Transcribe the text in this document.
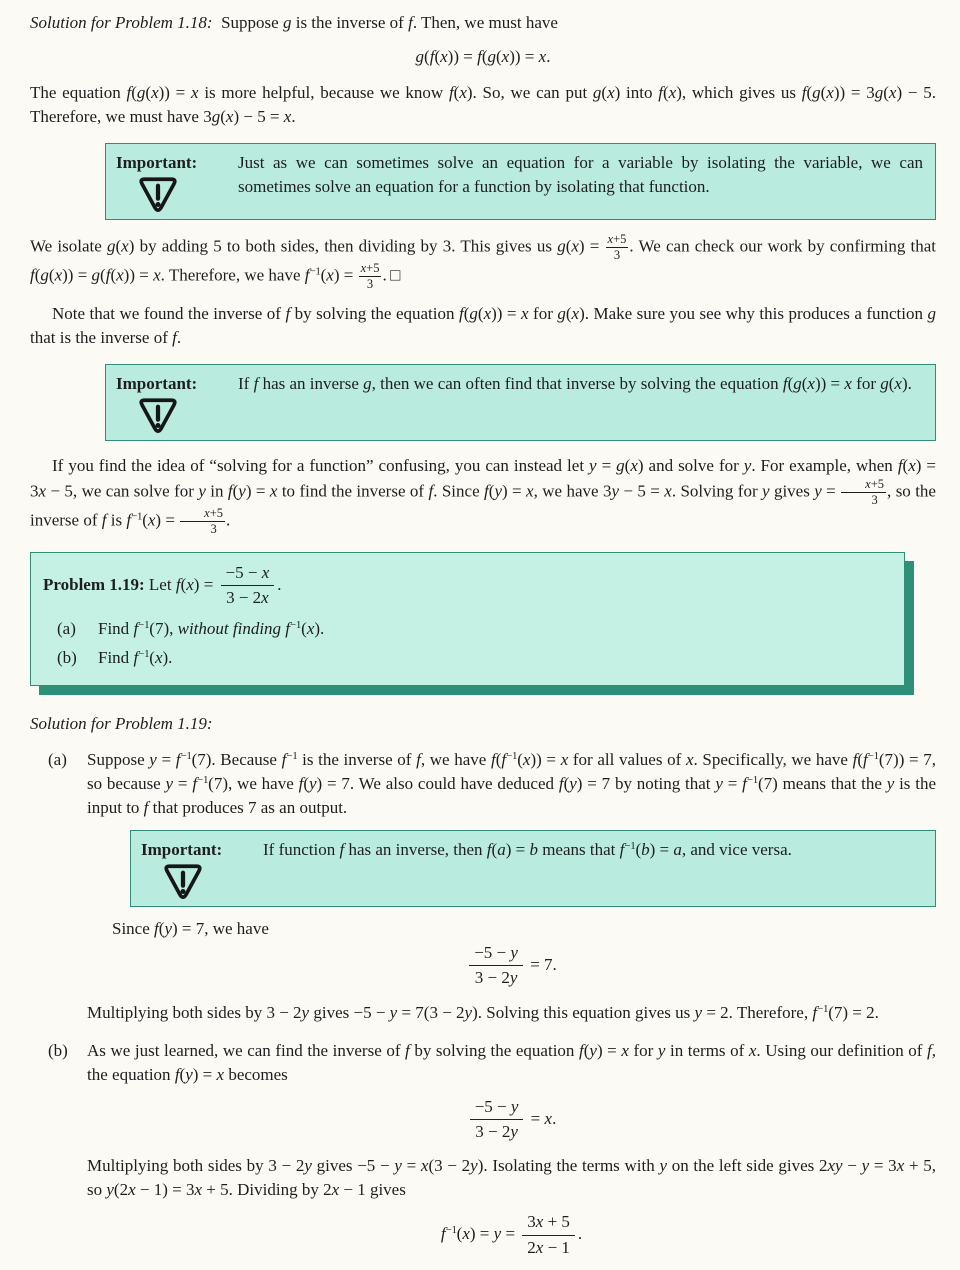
Solution for Problem 1.18:  Suppose g is the inverse of f. Then, we must have

g(f(x)) = f(g(x)) = x.

The equation f(g(x)) = x is more helpful, because we know f(x). So, we can put g(x) into f(x), which gives us f(g(x)) = 3g(x) − 5. Therefore, we must have 3g(x) − 5 = x.

Important:	Just as we can sometimes solve an equation for a variable by isolating the variable, we can sometimes solve an equation for a function by isolating that function.

We isolate g(x) by adding 5 to both sides, then dividing by 3. This gives us $g(x) = \frac{x+5}{3}$ . We can check our work by confirming that f(g(x)) = g(f(x)) = x. Therefore, we have $f^{-1}(x) = \frac{x+5}{3}$ . □

Note that we found the inverse of f by solving the equation f(g(x)) = x for g(x). Make sure you see why this produces a function g that is the inverse of f.

Important:	If f has an inverse g, then we can often find that inverse by solving the equation f(g(x)) = x for g(x).

If you find the idea of “solving for a function” confusing, you can instead let y = g(x) and solve for y. For example, when f(x) = 3x − 5, we can solve for y in f(y) = x to find the inverse of f. Since f(y) = x, we have 3y − 5 = x. Solving for y gives $y = \frac{x+5}{3}$ , so the inverse of f is $f^{-1}(x) = \frac{x+5}{3}$ .

Problem 1.19: Let $f(x) = \frac{-5 - x}{3 - 2x}$ .
(a)	Find $f^{-1}(7)$, without finding $f^{-1}(x)$.
(b)	Find $f^{-1}(x)$.

Solution for Problem 1.19:

(a)	Suppose $y = f^{-1}(7)$. Because $f^{-1}$ is the inverse of f, we have $f(f^{-1}(x)) = x$ for all values of x. Specifically, we have $f(f^{-1}(7)) = 7$, so because $y = f^{-1}(7)$, we have f(y) = 7. We also could have deduced f(y) = 7 by noting that $y = f^{-1}(7)$ means that the y is the input to f that produces 7 as an output.

Important:	If function f has an inverse, then f(a) = b means that $f^{-1}(b) = a$, and vice versa.

Since f(y) = 7, we have

$\frac{-5 - y}{3 - 2y} = 7$.

Multiplying both sides by 3 − 2y gives −5 − y = 7(3 − 2y). Solving this equation gives us y = 2. Therefore, $f^{-1}(7) = 2$.

(b)	As we just learned, we can find the inverse of f by solving the equation f(y) = x for y in terms of x. Using our definition of f, the equation f(y) = x becomes

$\frac{-5 - y}{3 - 2y} = x$.

Multiplying both sides by 3 − 2y gives −5 − y = x(3 − 2y). Isolating the terms with y on the left side gives 2xy − y = 3x + 5, so y(2x − 1) = 3x + 5. Dividing by 2x − 1 gives

$f^{-1}(x) = y = \frac{3x + 5}{2x - 1}$ .
